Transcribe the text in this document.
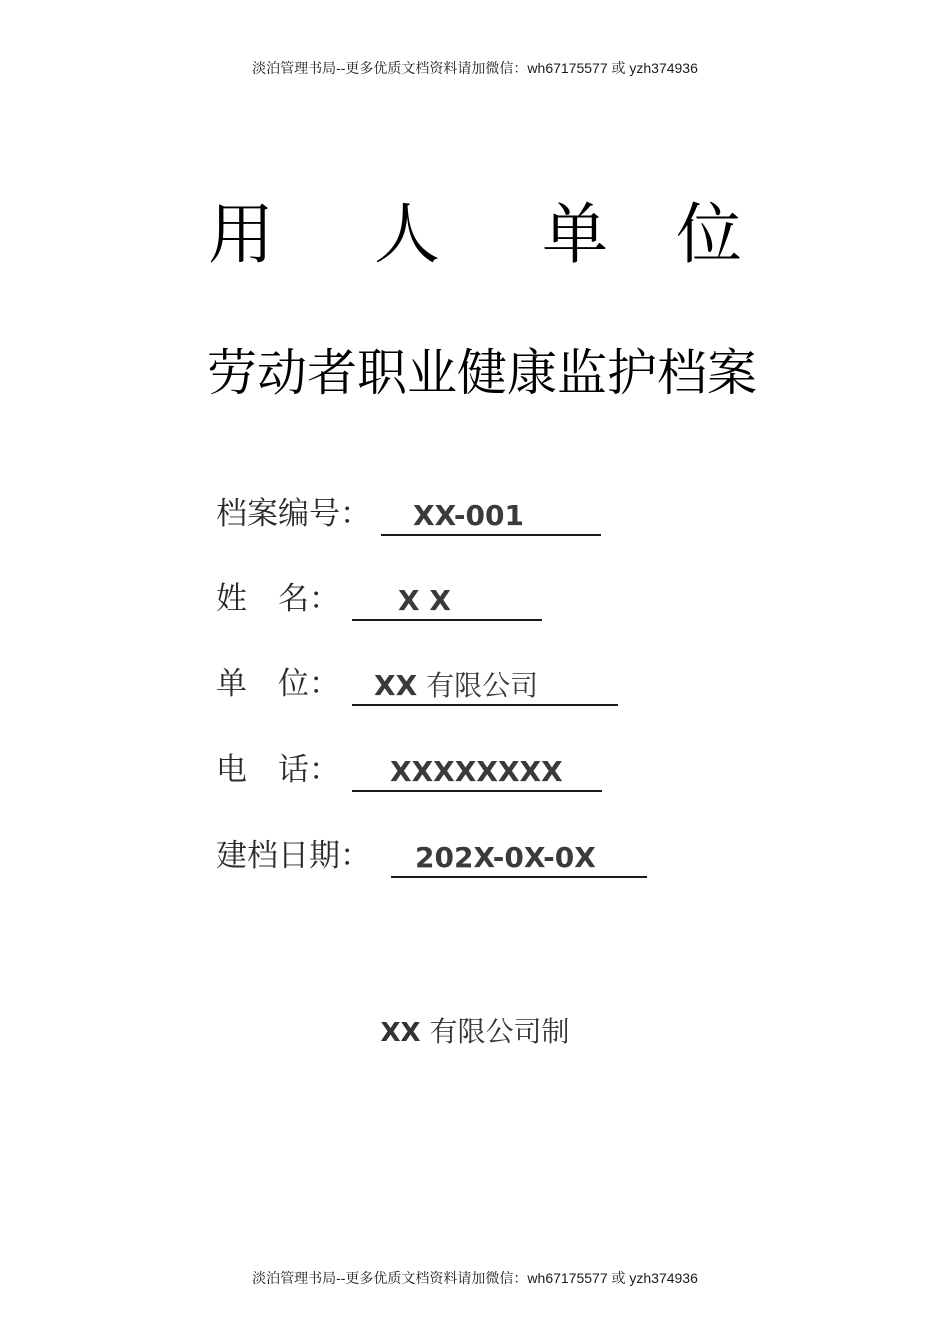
淡泊管理书局--更多优质文档资料请加微信：wh67175577 或 yzh374936
用 人 单 位
劳动者职业健康监护档案
档案编号： XX-001
姓　名： X X
单　位： XX 有限公司
电　话： XXXXXXXX
建档日期： 202X-0X-0X
XX 有限公司制
淡泊管理书局--更多优质文档资料请加微信：wh67175577 或 yzh374936
